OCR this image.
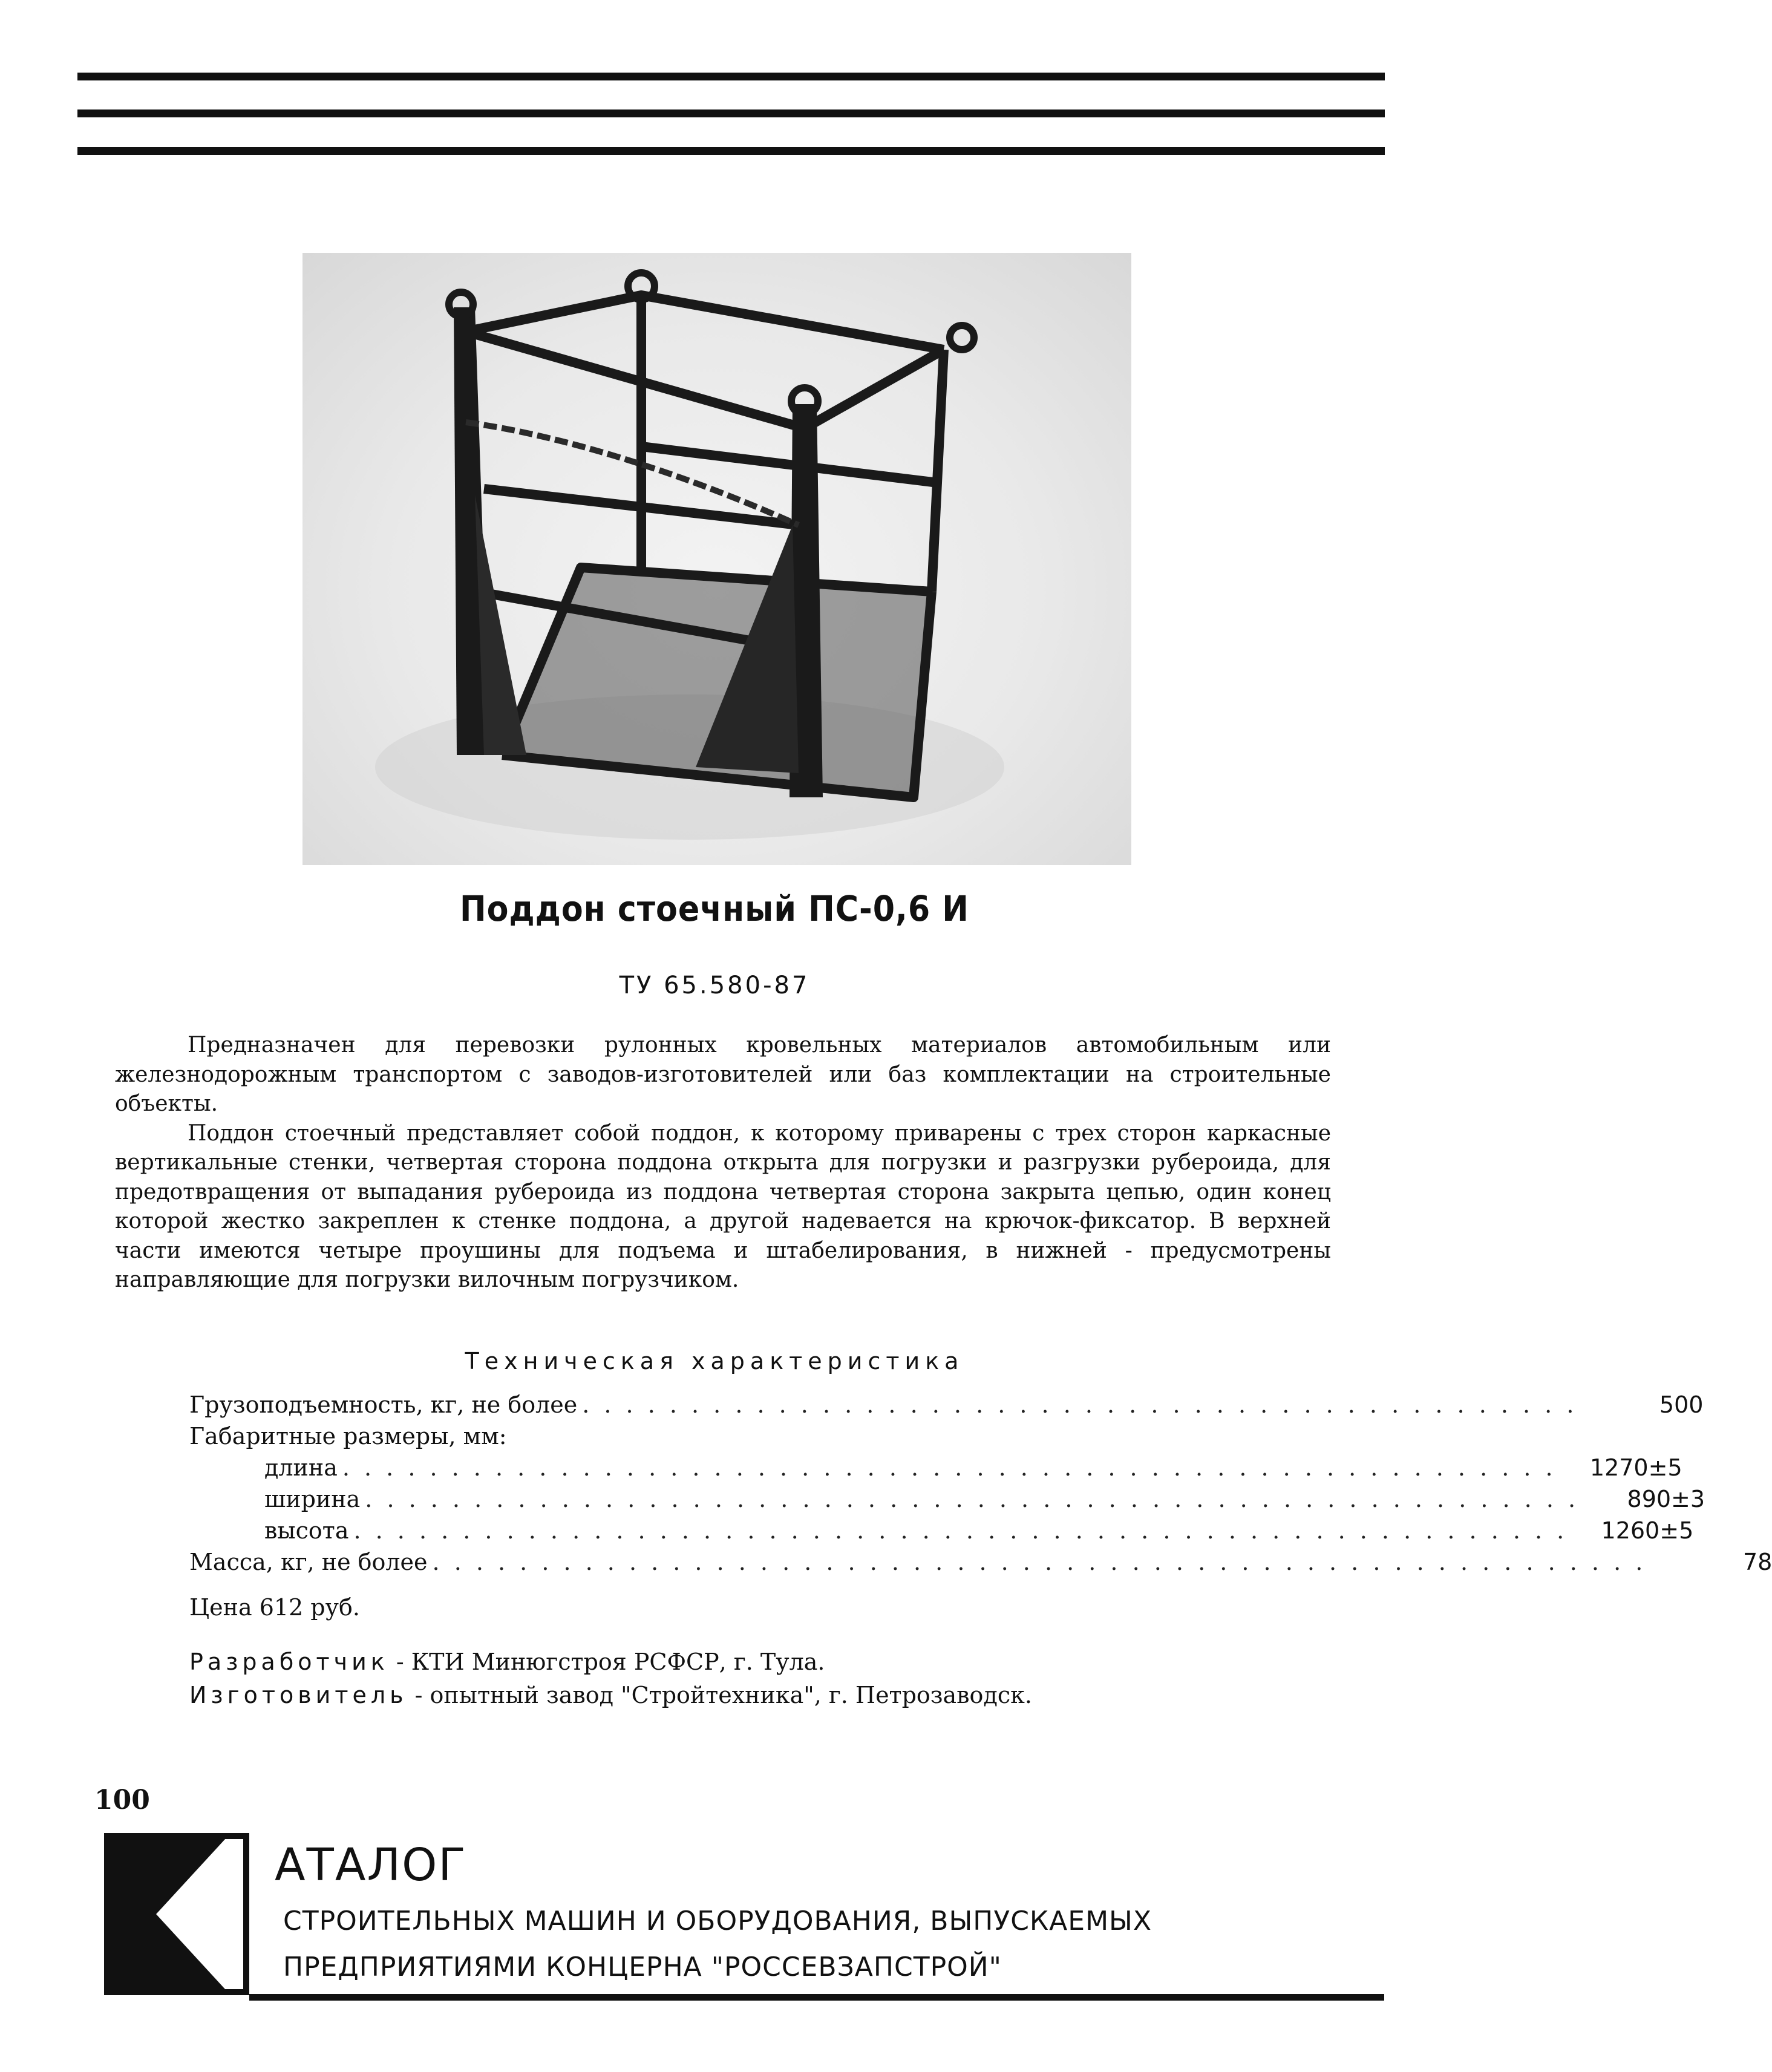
Поддон стоечный ПС-0,6 И
ТУ 65.580-87

Предназначен для перевозки рулонных кровельных материалов автомобильным или железнодорожным транспортом с заводов-изготовителей или баз комплектации на строительные объекты.

Поддон стоечный представляет собой поддон, к которому приварены с трех сторон каркасные вертикальные стенки, четвертая сторона поддона открыта для погрузки и разгрузки рубероида, для предотвращения от выпадания рубероида из поддона четвертая сторона закрыта цепью, один конец которой жестко закреплен к стенке поддона, а другой надевается на крючок-фиксатор. В верхней части имеются четыре проушины для подъема и штабелирования, в нижней - предусмотрены направляющие для погрузки вилочным погрузчиком.

Техническая характеристика
Грузоподъемность, кг, не более . . . . . . . . . . . . . . . . . . . . . . . . . . . . . . . . . . . . . . . . . . . . . .	500
Габаритные размеры, мм:
длина . . . . . . . . . . . . . . . . . . . . . . . . . . . . . . . . . . . . . . . . . . . . . . . . . . . . . . . .	1270±5
ширина . . . . . . . . . . . . . . . . . . . . . . . . . . . . . . . . . . . . . . . . . . . . . . . . . . . . . . . .	890±3
высота . . . . . . . . . . . . . . . . . . . . . . . . . . . . . . . . . . . . . . . . . . . . . . . . . . . . . . . .	1260±5
Масса, кг, не более . . . . . . . . . . . . . . . . . . . . . . . . . . . . . . . . . . . . . . . . . . . . . . . . . . . . . . . .	78
Цена 612 руб.
Разработчик - КТИ Минюгстроя РСФСР, г. Тула.
Изготовитель - опытный завод "Стройтехника", г. Петрозаводск.
100
АТАЛОГ
СТРОИТЕЛЬНЫХ МАШИН И ОБОРУДОВАНИЯ, ВЫПУСКАЕМЫХ
ПРЕДПРИЯТИЯМИ КОНЦЕРНА "РОССЕВЗАПСТРОЙ"
